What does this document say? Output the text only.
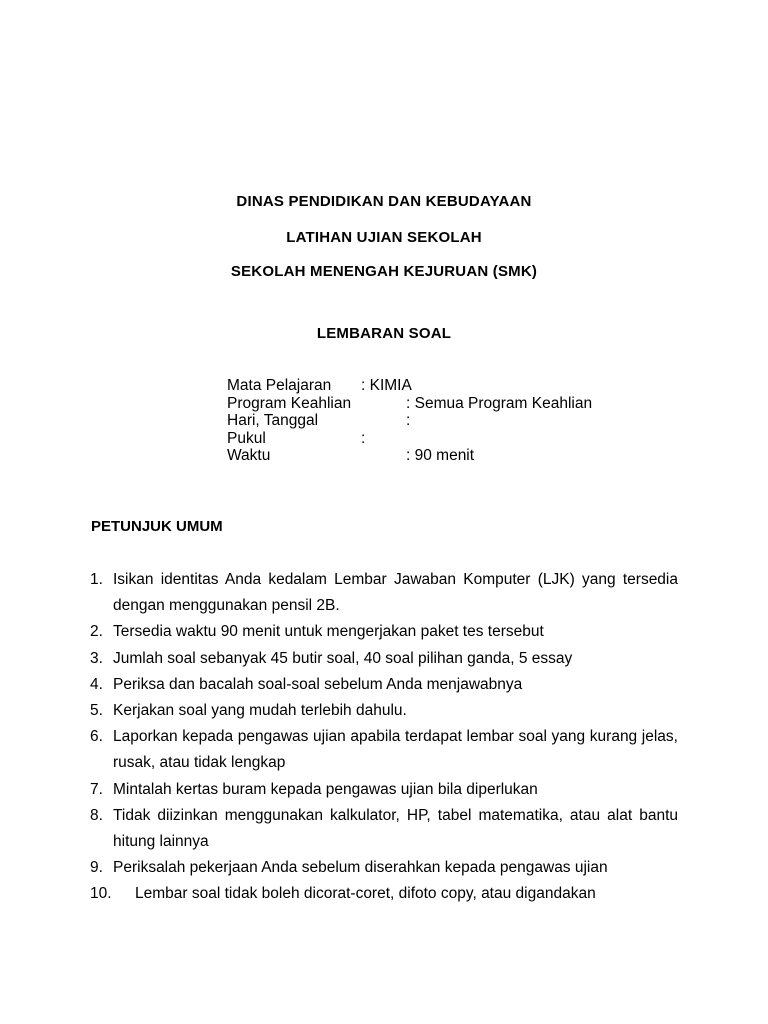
DINAS PENDIDIKAN DAN KEBUDAYAAN
LATIHAN UJIAN SEKOLAH
SEKOLAH MENENGAH KEJURUAN (SMK)
LEMBARAN SOAL
Mata Pelajaran : KIMIA
Program Keahlian	: Semua Program Keahlian
Hari, Tanggal	:
Pukul	:
Waktu	: 90 menit
PETUNJUK UMUM
1. Isikan identitas Anda kedalam Lembar Jawaban Komputer (LJK) yang tersedia dengan menggunakan pensil 2B.
2. Tersedia waktu 90 menit untuk mengerjakan paket tes tersebut
3. Jumlah soal sebanyak 45 butir soal, 40 soal pilihan ganda, 5 essay
4. Periksa dan bacalah soal-soal sebelum Anda menjawabnya
5. Kerjakan soal yang mudah terlebih dahulu.
6. Laporkan kepada pengawas ujian apabila terdapat lembar soal yang kurang jelas, rusak, atau tidak lengkap
7. Mintalah kertas buram kepada pengawas ujian bila diperlukan
8. Tidak diizinkan menggunakan kalkulator, HP, tabel matematika, atau alat bantu hitung lainnya
9. Periksalah pekerjaan Anda sebelum diserahkan kepada pengawas ujian
10. Lembar soal tidak boleh dicorat-coret, difoto copy, atau digandakan
